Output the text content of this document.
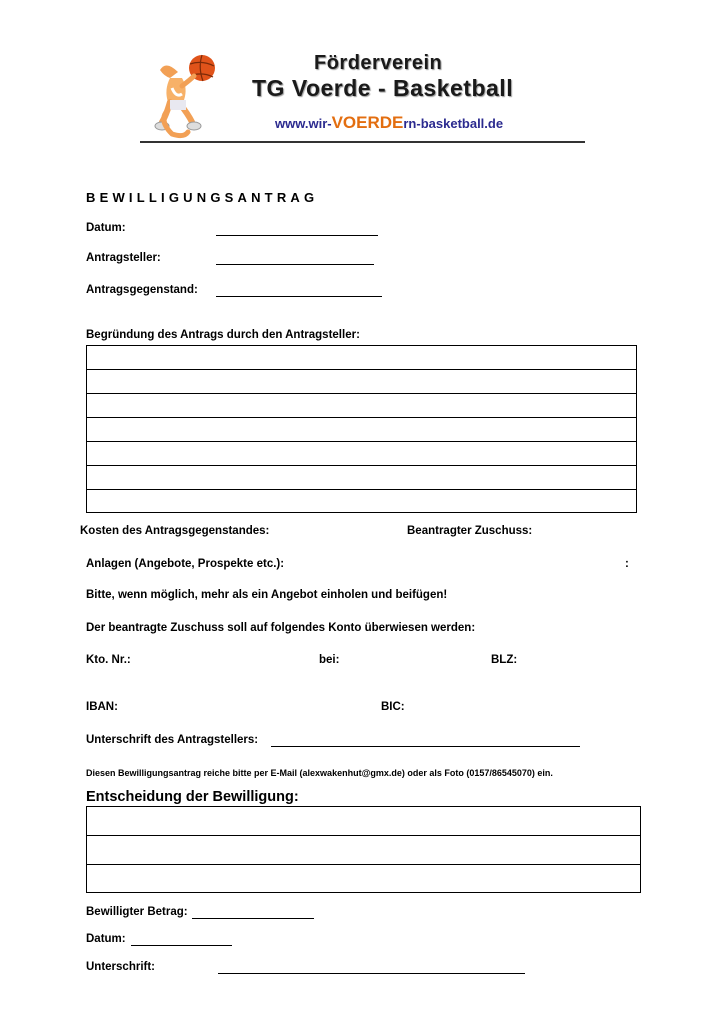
Förderverein
TG Voerde - Basketball
www.wir-VOERDErn-basketball.de
BEWILLIGUNGSANTRAG
Datum:
Antragsteller:
Antragsgegenstand:
Begründung des Antrags durch den Antragsteller:
Kosten des Antragsgegenstandes:	Beantragter Zuschuss:
Anlagen (Angebote, Prospekte etc.):	:
Bitte, wenn möglich, mehr als ein Angebot einholen und beifügen!
Der beantragte Zuschuss soll auf folgendes Konto überwiesen werden:
Kto. Nr.:	bei:	BLZ:
IBAN:	BIC:
Unterschrift des Antragstellers:
Diesen Bewilligungsantrag reiche bitte per E-Mail (alexwakenhut@gmx.de) oder als Foto (0157/86545070) ein.
Entscheidung der Bewilligung:
Bewilligter Betrag:
Datum:
Unterschrift:
